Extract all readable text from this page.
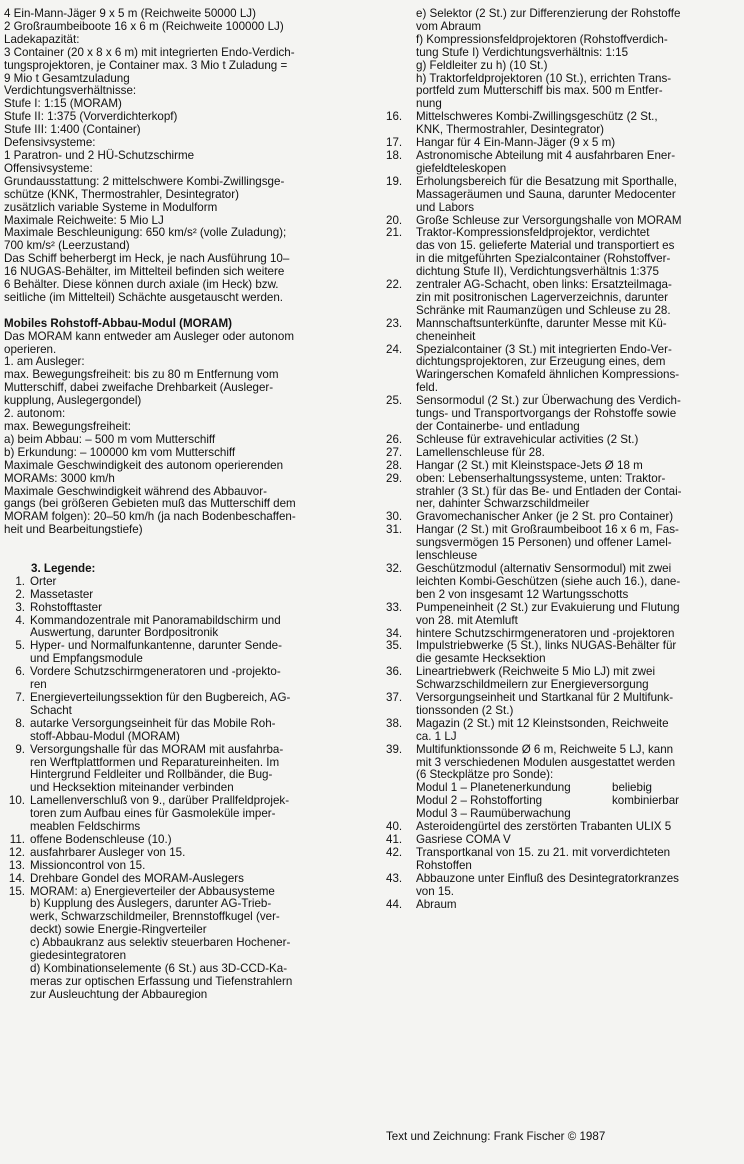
4 Ein-Mann-Jäger 9 x 5 m (Reichweite 50000 LJ)
2 Großraumbeiboote 16 x 6 m (Reichweite 100000 LJ)
Ladekapazität:
3 Container (20 x 8 x 6 m) mit integrierten Endo-Verdich-
tungsprojektoren, je Container max. 3 Mio t Zuladung =
9 Mio t Gesamtzuladung
Verdichtungsverhältnisse:
Stufe I: 1:15 (MORAM)
Stufe II: 1:375 (Vorverdichterkopf)
Stufe III: 1:400 (Container)
Defensivsysteme:
1 Paratron- und 2 HÜ-Schutzschirme
Offensivsysteme:
Grundausstattung: 2 mittelschwere Kombi-Zwillingsge-
schütze (KNK, Thermostrahler, Desintegrator)
zusätzlich variable Systeme in Modulform
Maximale Reichweite: 5 Mio LJ
Maximale Beschleunigung: 650 km/s² (volle Zuladung);
700 km/s² (Leerzustand)
Das Schiff beherbergt im Heck, je nach Ausführung 10–
16 NUGAS-Behälter, im Mittelteil befinden sich weitere
6 Behälter. Diese können durch axiale (im Heck) bzw.
seitliche (im Mittelteil) Schächte ausgetauscht werden.
Mobiles Rohstoff-Abbau-Modul (MORAM)
Das MORAM kann entweder am Ausleger oder autonom
operieren.
1. am Ausleger:
max. Bewegungsfreiheit: bis zu 80 m Entfernung vom
Mutterschiff, dabei zweifache Drehbarkeit (Ausleger-
kupplung, Auslegergondel)
2. autonom:
max. Bewegungsfreiheit:
a) beim Abbau: – 500 m vom Mutterschiff
b) Erkundung: – 100000 km vom Mutterschiff
Maximale Geschwindigkeit des autonom operierenden
MORAMs: 3000 km/h
Maximale Geschwindigkeit während des Abbauvor-
gangs (bei größeren Gebieten muß das Mutterschiff dem
MORAM folgen): 20–50 km/h (ja nach Bodenbeschaffen-
heit und Bearbeitungstiefe)
3. Legende:
1. Orter
2. Massetaster
3. Rohstofftaster
4. Kommandozentrale mit Panoramabildschirm und
Auswertung, darunter Bordpositronik
5. Hyper- und Normalfunkantenne, darunter Sende-
und Empfangsmodule
6. Vordere Schutzschirmgeneratoren und -projekto-
ren
7. Energieverteilungssektion für den Bugbereich, AG-
Schacht
8. autarke Versorgungseinheit für das Mobile Roh-
stoff-Abbau-Modul (MORAM)
9. Versorgungshalle für das MORAM mit ausfahrba-
ren Werftplattformen und Reparatureinheiten. Im
Hintergrund Feldleiter und Rollbänder, die Bug-
und Hecksektion miteinander verbinden
10. Lamellenverschluß von 9., darüber Prallfeldprojek-
toren zum Aufbau eines für Gasmoleküle imper-
meablen Feldschirms
11. offene Bodenschleuse (10.)
12. ausfahrbarer Ausleger von 15.
13. Missioncontrol von 15.
14. Drehbare Gondel des MORAM-Auslegers
15. MORAM: a) Energieverteiler der Abbausysteme
b) Kupplung des Auslegers, darunter AG-Trieb-
werk, Schwarzschildmeiler, Brennstoffkugel (ver-
deckt) sowie Energie-Ringverteiler
c) Abbaukranz aus selektiv steuerbaren Hochener-
giedesintegratoren
d) Kombinationselemente (6 St.) aus 3D-CCD-Ka-
meras zur optischen Erfassung und Tiefenstrahlern
zur Ausleuchtung der Abbauregion
e) Selektor (2 St.) zur Differenzierung der Rohstoffe
vom Abraum
f) Kompressionsfeldprojektoren (Rohstoffverdich-
tung Stufe I) Verdichtungsverhältnis: 1:15
g) Feldleiter zu h) (10 St.)
h) Traktorfeldprojektoren (10 St.), errichten Trans-
portfeld zum Mutterschiff bis max. 500 m Entfer-
nung
16.	Mittelschweres Kombi-Zwillingsgeschütz (2 St.,
KNK, Thermostrahler, Desintegrator)
17.	Hangar für 4 Ein-Mann-Jäger (9 x 5 m)
18.	Astronomische Abteilung mit 4 ausfahrbaren Ener-
giefeldteleskopen
19.	Erholungsbereich für die Besatzung mit Sporthalle,
Massageräumen und Sauna, darunter Medocenter
und Labors
20.	Große Schleuse zur Versorgungshalle von MORAM
21.	Traktor-Kompressionsfeldprojektor, verdichtet
das von 15. gelieferte Material und transportiert es
in die mitgeführten Spezialcontainer (Rohstoffver-
dichtung Stufe II), Verdichtungsverhältnis 1:375
22.	zentraler AG-Schacht, oben links: Ersatzteilmaga-
zin mit positronischen Lagerverzeichnis, darunter
Schränke mit Raumanzügen und Schleuse zu 28.
23.	Mannschaftsunterkünfte, darunter Messe mit Kü-
cheneinheit
24.	Spezialcontainer (3 St.) mit integrierten Endo-Ver-
dichtungsprojektoren, zur Erzeugung eines, dem
Waringerschen Komafeld ähnlichen Kompressions-
feld.
25.	Sensormodul (2 St.) zur Überwachung des Verdich-
tungs- und Transportvorgangs der Rohstoffe sowie
der Containerbe- und entladung
26.	Schleuse für extravehicular activities (2 St.)
27.	Lamellenschleuse für 28.
28.	Hangar (2 St.) mit Kleinstspace-Jets Ø 18 m
29.	oben: Lebenserhaltungssysteme, unten: Traktor-
strahler (3 St.) für das Be- und Entladen der Contai-
ner, dahinter Schwarzschildmeiler
30.	Gravomechanischer Anker (je 2 St. pro Container)
31.	Hangar (2 St.) mit Großraumbeiboot 16 x 6 m, Fas-
sungsvermögen 15 Personen) und offener Lamel-
lenschleuse
32.	Geschützmodul (alternativ Sensormodul) mit zwei
leichten Kombi-Geschützen (siehe auch 16.), dane-
ben 2 von insgesamt 12 Wartungsschotts
33.	Pumpeneinheit (2 St.) zur Evakuierung und Flutung
von 28. mit Atemluft
34.	hintere Schutzschirmgeneratoren und -projektoren
35.	Impulstriebwerke (5 St.), links NUGAS-Behälter für
die gesamte Hecksektion
36.	Lineartriebwerk (Reichweite 5 Mio LJ) mit zwei
Schwarzschildmeilern zur Energieversorgung
37.	Versorgungseinheit und Startkanal für 2 Multifunk-
tionssonden (2 St.)
38.	Magazin (2 St.) mit 12 Kleinstsonden, Reichweite
ca. 1 LJ
39.	Multifunktionssonde Ø 6 m, Reichweite 5 LJ, kann
mit 3 verschiedenen Modulen ausgestattet werden
(6 Steckplätze pro Sonde):
Modul 1 – Planetenerkundung	beliebig
Modul 2 – Rohstofforting	kombinierbar
Modul 3 – Raumüberwachung
40.	Asteroidengürtel des zerstörten Trabanten ULIX 5
41.	Gasriese COMA V
42.	Transportkanal von 15. zu 21. mit vorverdichteten
Rohstoffen
43.	Abbauzone unter Einfluß des Desintegratorkranzes
von 15.
44.	Abraum
Text und Zeichnung: Frank Fischer © 1987
